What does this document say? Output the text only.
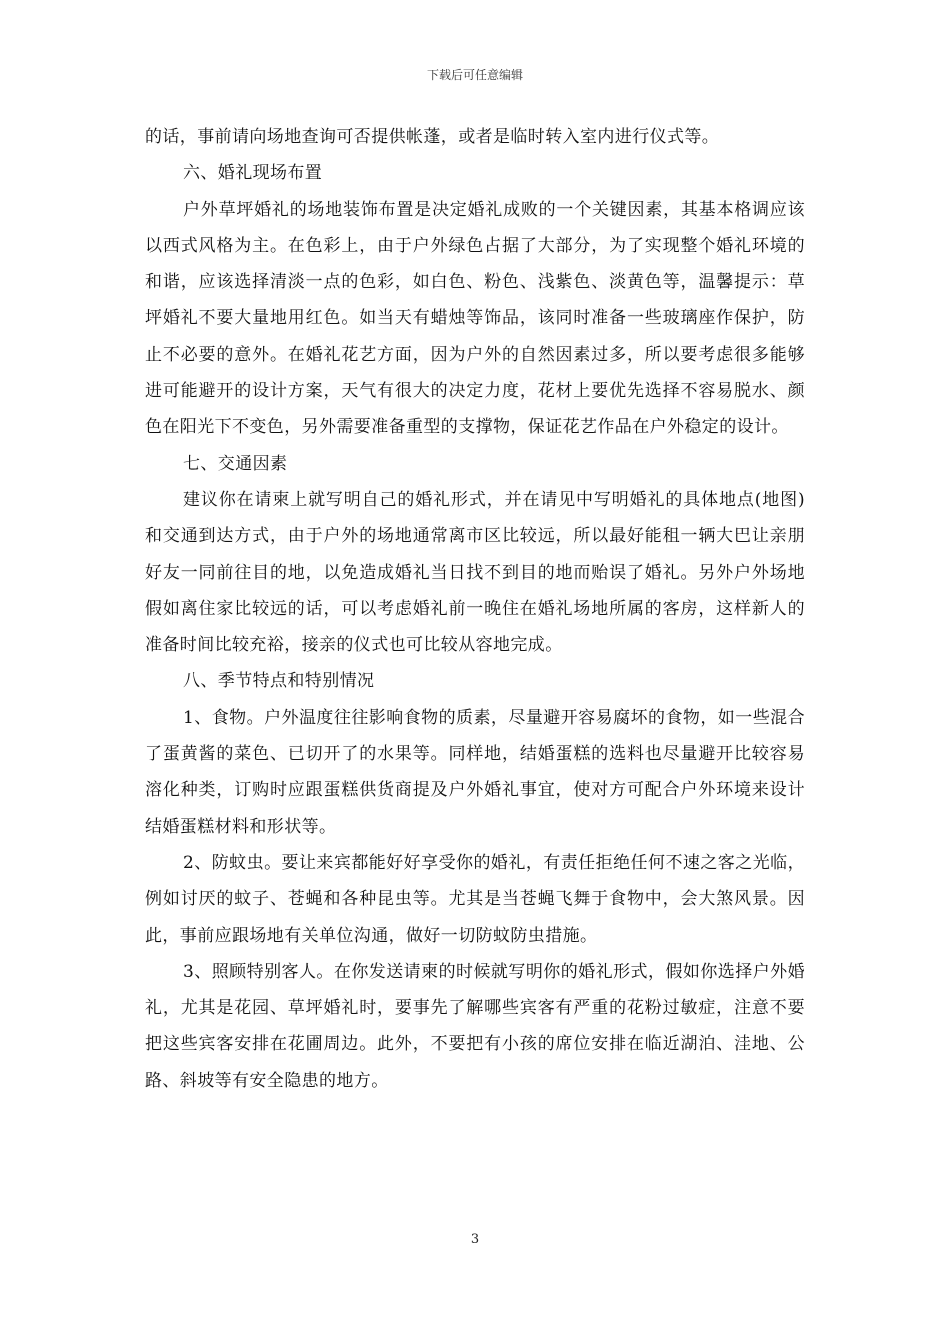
下载后可任意编辑

的话，事前请向场地查询可否提供帐蓬，或者是临时转入室内进行仪式等。

六、婚礼现场布置

户外草坪婚礼的场地装饰布置是决定婚礼成败的一个关键因素，其基本格调应该以西式风格为主。在色彩上，由于户外绿色占据了大部分，为了实现整个婚礼环境的和谐，应该选择清淡一点的色彩，如白色、粉色、浅紫色、淡黄色等，温馨提示：草坪婚礼不要大量地用红色。如当天有蜡烛等饰品，该同时准备一些玻璃座作保护，防止不必要的意外。在婚礼花艺方面，因为户外的自然因素过多，所以要考虑很多能够进可能避开的设计方案，天气有很大的决定力度，花材上要优先选择不容易脱水、颜色在阳光下不变色，另外需要准备重型的支撑物，保证花艺作品在户外稳定的设计。

七、交通因素

建议你在请柬上就写明自己的婚礼形式，并在请见中写明婚礼的具体地点(地图)和交通到达方式，由于户外的场地通常离市区比较远，所以最好能租一辆大巴让亲朋好友一同前往目的地，以免造成婚礼当日找不到目的地而贻误了婚礼。另外户外场地假如离住家比较远的话，可以考虑婚礼前一晚住在婚礼场地所属的客房，这样新人的准备时间比较充裕，接亲的仪式也可比较从容地完成。

八、季节特点和特别情况

1、食物。户外温度往往影响食物的质素，尽量避开容易腐坏的食物，如一些混合了蛋黄酱的菜色、已切开了的水果等。同样地，结婚蛋糕的选料也尽量避开比较容易溶化种类，订购时应跟蛋糕供货商提及户外婚礼事宜，使对方可配合户外环境来设计结婚蛋糕材料和形状等。

2、防蚊虫。要让来宾都能好好享受你的婚礼，有责任拒绝任何不速之客之光临，例如讨厌的蚊子、苍蝇和各种昆虫等。尤其是当苍蝇飞舞于食物中，会大煞风景。因此，事前应跟场地有关单位沟通，做好一切防蚊防虫措施。

3、照顾特别客人。在你发送请柬的时候就写明你的婚礼形式，假如你选择户外婚礼，尤其是花园、草坪婚礼时，要事先了解哪些宾客有严重的花粉过敏症，注意不要把这些宾客安排在花圃周边。此外，不要把有小孩的席位安排在临近湖泊、洼地、公路、斜坡等有安全隐患的地方。

3
